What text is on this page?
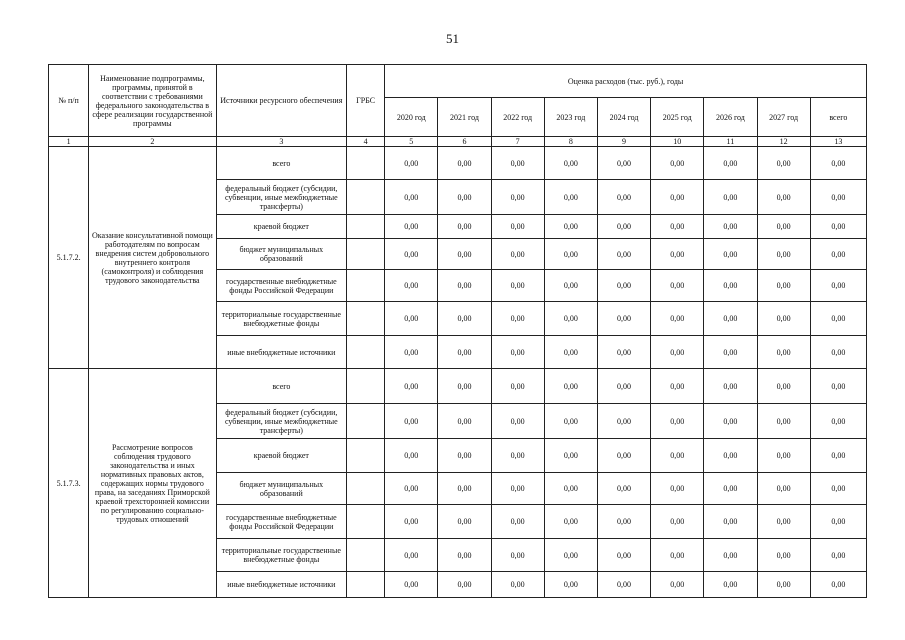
51
№ п/п	Наименование подпрограммы, программы, принятой в соответствии с требованиями федерального законодательства в сфере реализации государственной программы	Источники ресурсного обеспечения	ГРБС	Оценка расходов (тыс. руб.), годы								
				2020 год	2021 год	2022 год	2023 год	2024 год	2025 год	2026 год	2027 год	всего
1	2	3	4	5	6	7	8	9	10	11	12	13
5.1.7.2.	Оказание консультативной помощи работодателям по вопросам внедрения систем добровольного внутреннего контроля (самоконтроля) и соблюдения трудового законодательства	всего		0,00	0,00	0,00	0,00	0,00	0,00	0,00	0,00	0,00
		федеральный бюджет (субсидии, субвенции, иные межбюджетные трансферты)		0,00	0,00	0,00	0,00	0,00	0,00	0,00	0,00	0,00
		краевой бюджет		0,00	0,00	0,00	0,00	0,00	0,00	0,00	0,00	0,00
		бюджет муниципальных образований		0,00	0,00	0,00	0,00	0,00	0,00	0,00	0,00	0,00
		государственные внебюджетные фонды Российской Федерации		0,00	0,00	0,00	0,00	0,00	0,00	0,00	0,00	0,00
		территориальные государственные внебюджетные фонды		0,00	0,00	0,00	0,00	0,00	0,00	0,00	0,00	0,00
		иные внебюджетные источники		0,00	0,00	0,00	0,00	0,00	0,00	0,00	0,00	0,00
5.1.7.3.	Рассмотрение вопросов соблюдения трудового законодательства и иных нормативных правовых актов, содержащих нормы трудового права, на заседаниях Приморской краевой трехсторонней комиссии по регулированию социально-трудовых отношений	всего		0,00	0,00	0,00	0,00	0,00	0,00	0,00	0,00	0,00
		федеральный бюджет (субсидии, субвенции, иные межбюджетные трансферты)		0,00	0,00	0,00	0,00	0,00	0,00	0,00	0,00	0,00
		краевой бюджет		0,00	0,00	0,00	0,00	0,00	0,00	0,00	0,00	0,00
		бюджет муниципальных образований		0,00	0,00	0,00	0,00	0,00	0,00	0,00	0,00	0,00
		государственные внебюджетные фонды Российской Федерации		0,00	0,00	0,00	0,00	0,00	0,00	0,00	0,00	0,00
		территориальные государственные внебюджетные фонды		0,00	0,00	0,00	0,00	0,00	0,00	0,00	0,00	0,00
		иные внебюджетные источники		0,00	0,00	0,00	0,00	0,00	0,00	0,00	0,00	0,00
